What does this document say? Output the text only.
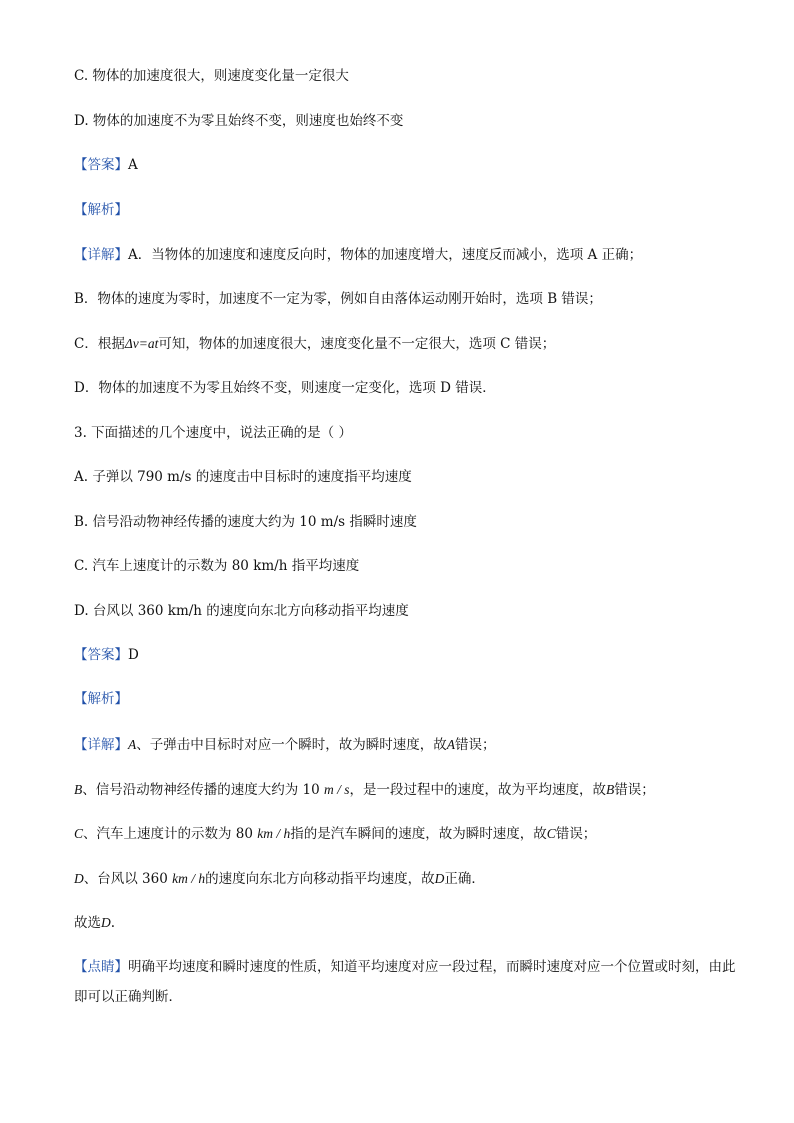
C. 物体的加速度很大，则速度变化量一定很大
D. 物体的加速度不为零且始终不变，则速度也始终不变
【答案】A
【解析】
【详解】A．当物体的加速度和速度反向时，物体的加速度增大，速度反而减小，选项 A 正确；
B．物体的速度为零时，加速度不一定为零，例如自由落体运动刚开始时，选项 B 错误；
C．根据Δv=at可知，物体的加速度很大，速度变化量不一定很大，选项 C 错误；
D．物体的加速度不为零且始终不变，则速度一定变化，选项 D 错误．
3. 下面描述的几个速度中，说法正确的是（ ）
A. 子弹以 790 m/s 的速度击中目标时的速度指平均速度
B. 信号沿动物神经传播的速度大约为 10 m/s 指瞬时速度
C. 汽车上速度计的示数为 80 km/h 指平均速度
D. 台风以 360 km/h 的速度向东北方向移动指平均速度
【答案】D
【解析】
【详解】A、子弹击中目标时对应一个瞬时，故为瞬时速度，故A错误；
B、信号沿动物神经传播的速度大约为 10 m / s，是一段过程中的速度，故为平均速度，故B错误；
C、汽车上速度计的示数为 80 km / h指的是汽车瞬间的速度，故为瞬时速度，故C错误；
D、台风以 360 km / h的速度向东北方向移动指平均速度，故D正确．
故选D.
【点睛】明确平均速度和瞬时速度的性质，知道平均速度对应一段过程，而瞬时速度对应一个位置或时刻，由此即可以正确判断．
